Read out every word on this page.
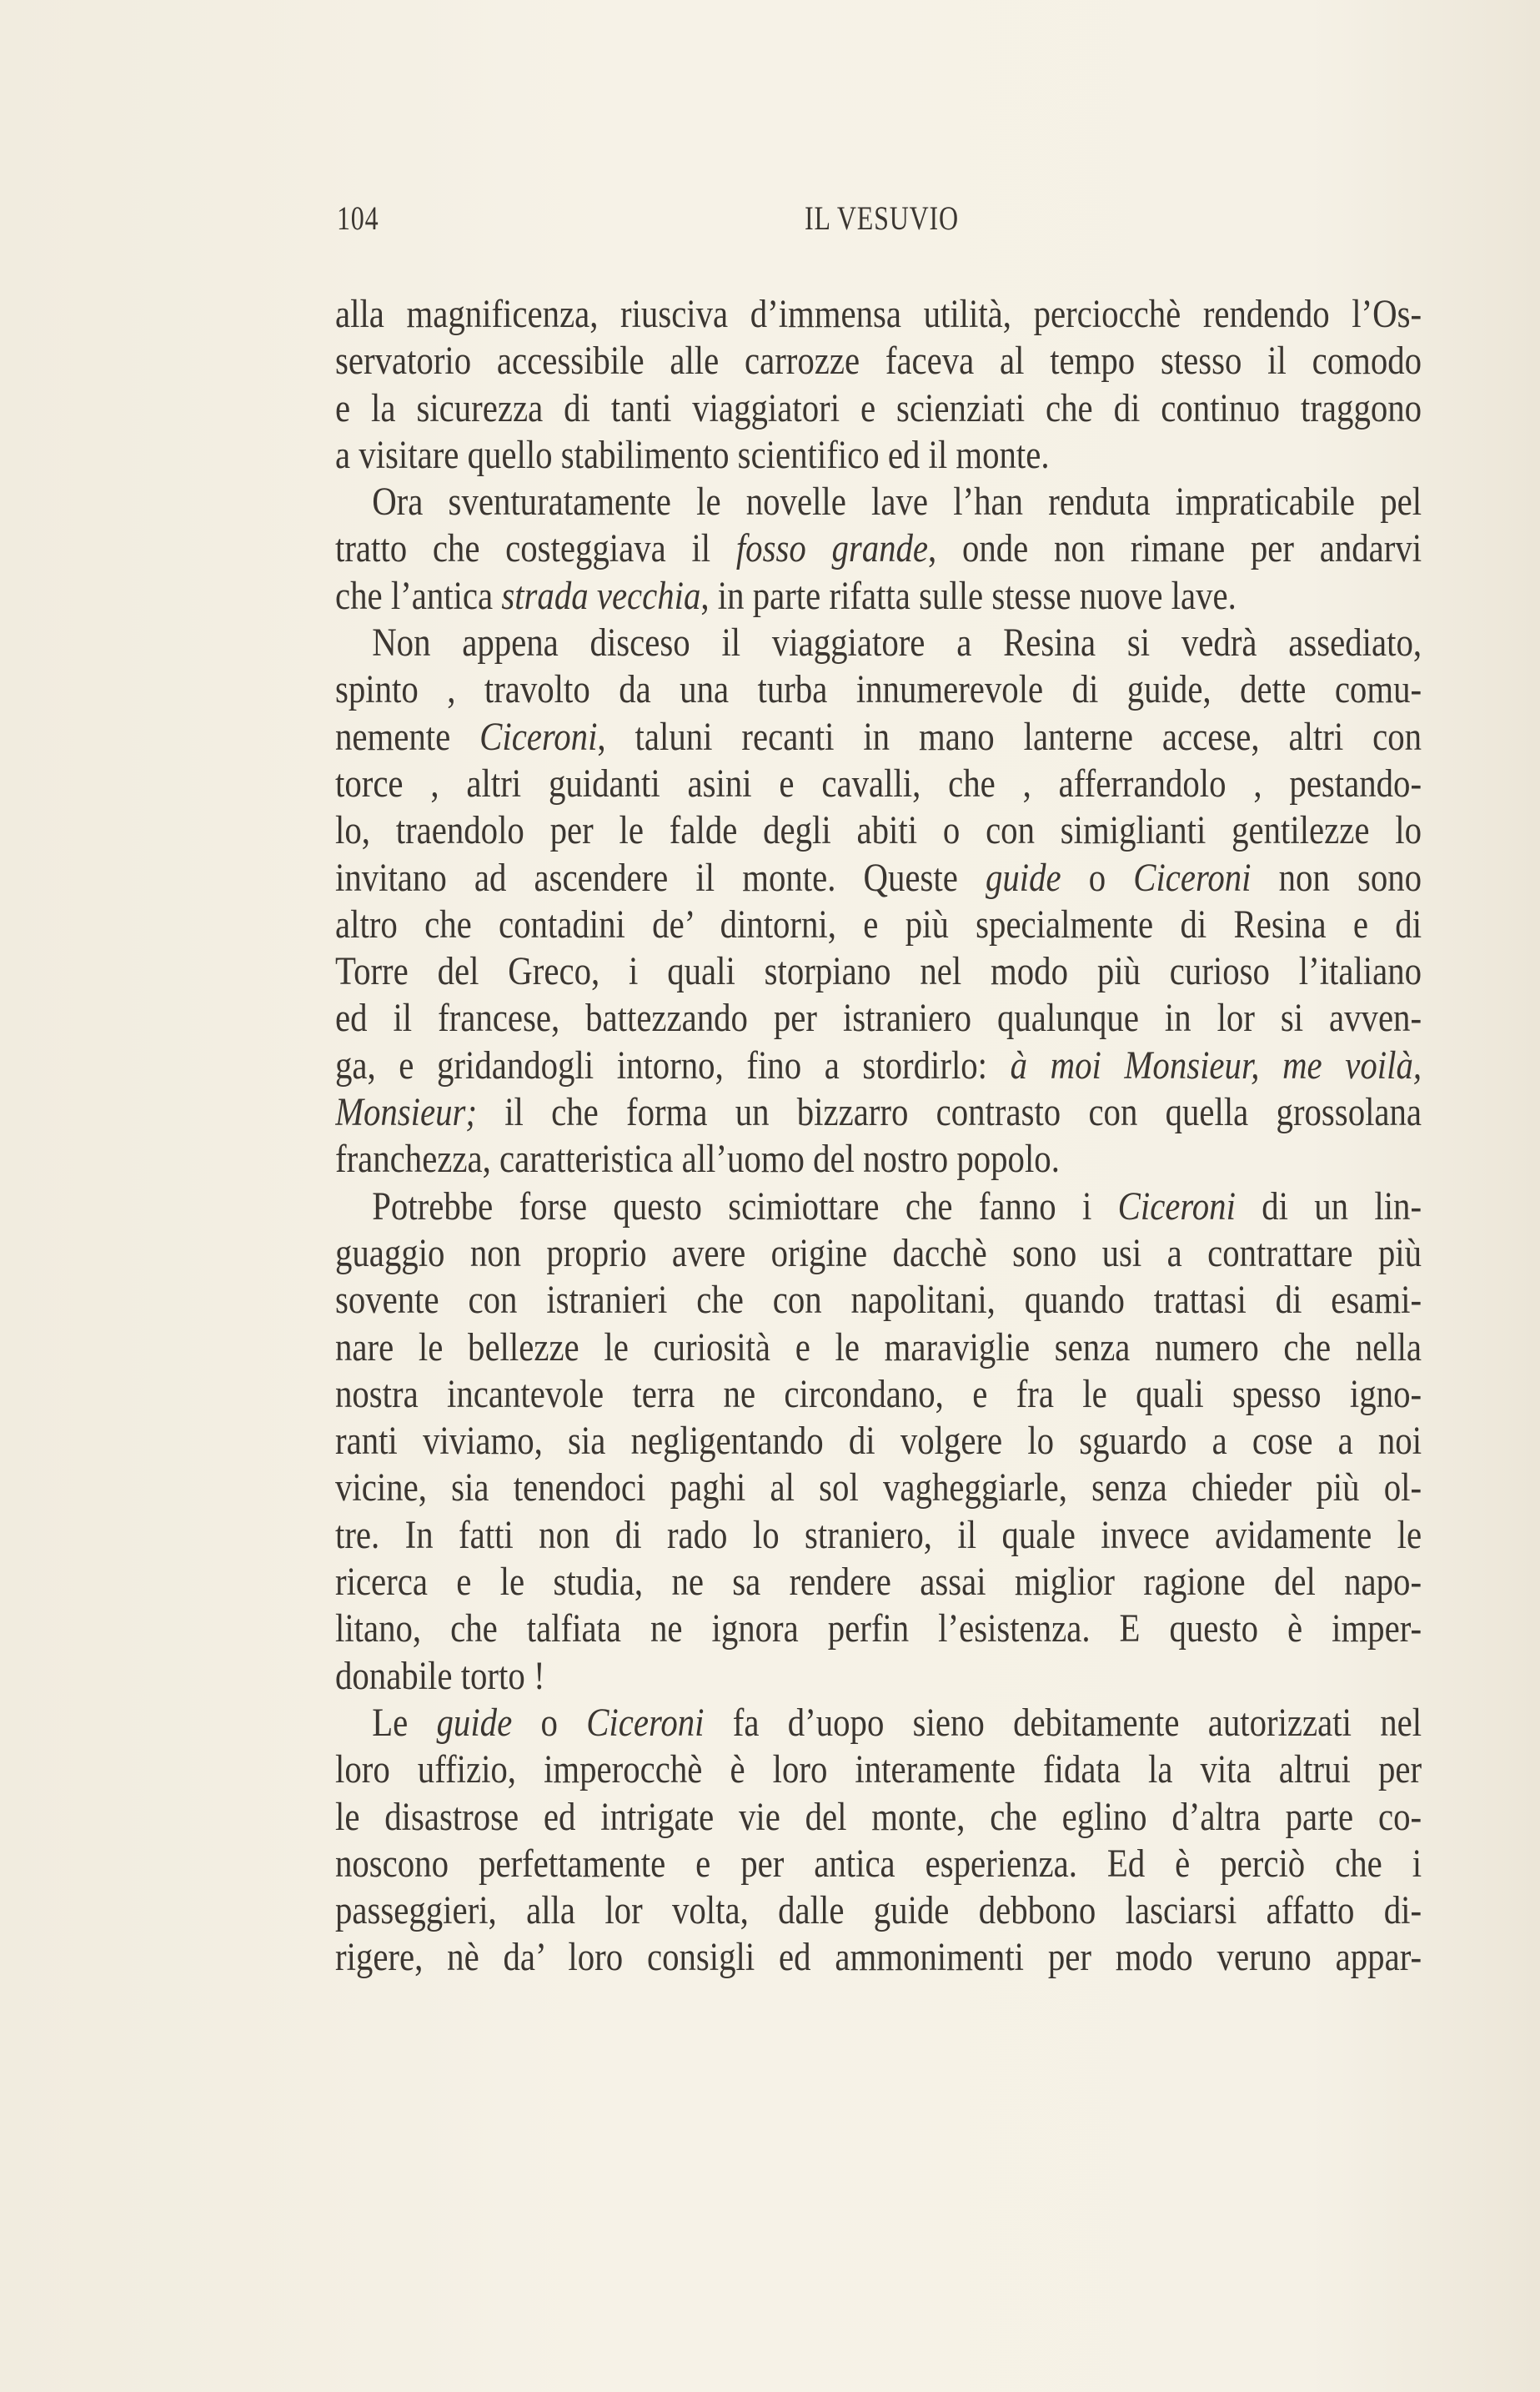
104	IL VESUVIO
alla magnificenza, riusciva d’immensa utilità, perciocchè rendendo l’Os-
servatorio accessibile alle carrozze faceva al tempo stesso il comodo
e la sicurezza di tanti viaggiatori e scienziati che di continuo traggono
a visitare quello stabilimento scientifico ed il monte.
Ora sventuratamente le novelle lave l’han renduta impraticabile pel
tratto che costeggiava il fosso grande, onde non rimane per andarvi
che l’antica strada vecchia, in parte rifatta sulle stesse nuove lave.
Non appena disceso il viaggiatore a Resina si vedrà assediato,
spinto , travolto da una turba innumerevole di guide, dette comu-
nemente Ciceroni, taluni recanti in mano lanterne accese, altri con
torce , altri guidanti asini e cavalli, che , afferrandolo , pestando-
lo, traendolo per le falde degli abiti o con simiglianti gentilezze lo
invitano ad ascendere il monte. Queste guide o Ciceroni non sono
altro che contadini de’ dintorni, e più specialmente di Resina e di
Torre del Greco, i quali storpiano nel modo più curioso l’italiano
ed il francese, battezzando per istraniero qualunque in lor si avven-
ga, e gridandogli intorno, fino a stordirlo: à moi Monsieur, me voilà,
Monsieur; il che forma un bizzarro contrasto con quella grossolana
franchezza, caratteristica all’uomo del nostro popolo.
Potrebbe forse questo scimiottare che fanno i Ciceroni di un lin-
guaggio non proprio avere origine dacchè sono usi a contrattare più
sovente con istranieri che con napolitani, quando trattasi di esami-
nare le bellezze le curiosità e le maraviglie senza numero che nella
nostra incantevole terra ne circondano, e fra le quali spesso igno-
ranti viviamo, sia negligentando di volgere lo sguardo a cose a noi
vicine, sia tenendoci paghi al sol vagheggiarle, senza chieder più ol-
tre. In fatti non di rado lo straniero, il quale invece avidamente le
ricerca e le studia, ne sa rendere assai miglior ragione del napo-
litano, che talfiata ne ignora perfin l’esistenza. E questo è imper-
donabile torto !
Le guide o Ciceroni fa d’uopo sieno debitamente autorizzati nel
loro uffizio, imperocchè è loro interamente fidata la vita altrui per
le disastrose ed intrigate vie del monte, che eglino d’altra parte co-
noscono perfettamente e per antica esperienza. Ed è perciò che i
passeggieri, alla lor volta, dalle guide debbono lasciarsi affatto di-
rigere, nè da’ loro consigli ed ammonimenti per modo veruno appar-
